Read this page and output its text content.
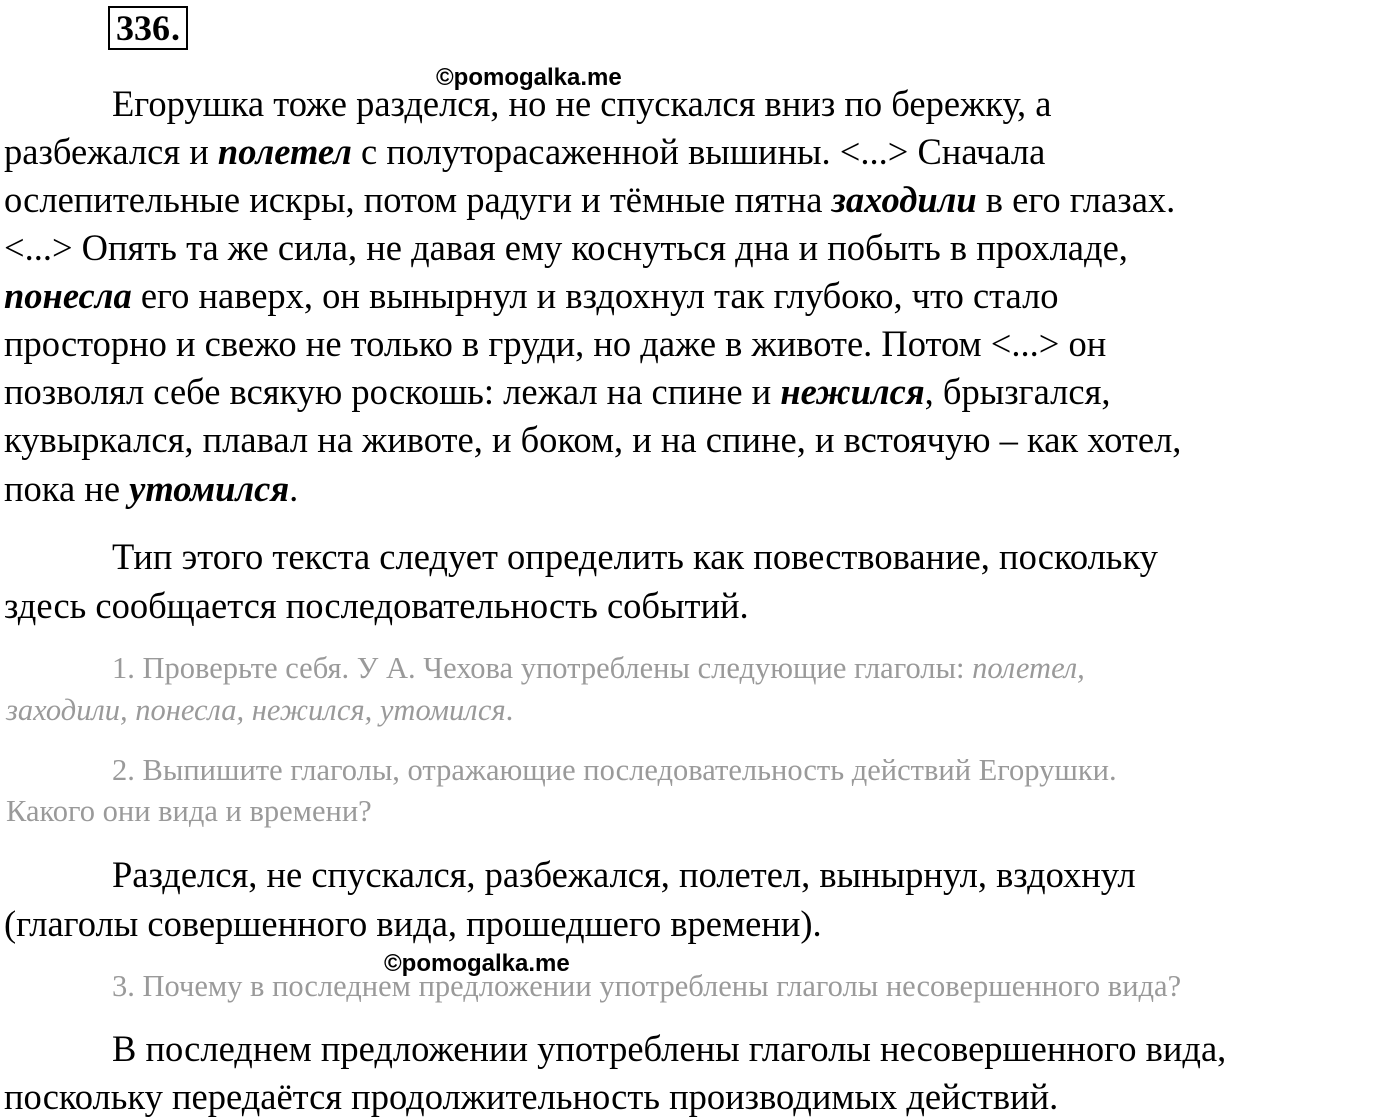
336.
Егорушка тоже разделся, но не спускался вниз по бережку, а
разбежался и полетел с полуторасаженной вышины. <...> Сначала
ослепительные искры, потом радуги и тёмные пятна заходили в его глазах.
<...> Опять та же сила, не давая ему коснуться дна и побыть в прохладе,
понесла его наверх, он вынырнул и вздохнул так глубоко, что стало
просторно и свежо не только в груди, но даже в животе. Потом <...> он
позволял себе всякую роскошь: лежал на спине и нежился, брызгался,
кувыркался, плавал на животе, и боком, и на спине, и встоячую – как хотел,
пока не утомился.
©pomogalka.me
Тип этого текста следует определить как повествование, поскольку
здесь сообщается последовательность событий.
1. Проверьте себя. У А. Чехова употреблены следующие глаголы: полетел,
заходили, понесла, нежился, утомился.
2. Выпишите глаголы, отражающие последовательность действий Егорушки.
Какого они вида и времени?
Разделся, не спускался, разбежался, полетел, вынырнул, вздохнул
(глаголы совершенного вида, прошедшего времени).
©pomogalka.me
3. Почему в последнем предложении употреблены глаголы несовершенного вида?
В последнем предложении употреблены глаголы несовершенного вида,
поскольку передаётся продолжительность производимых действий.
